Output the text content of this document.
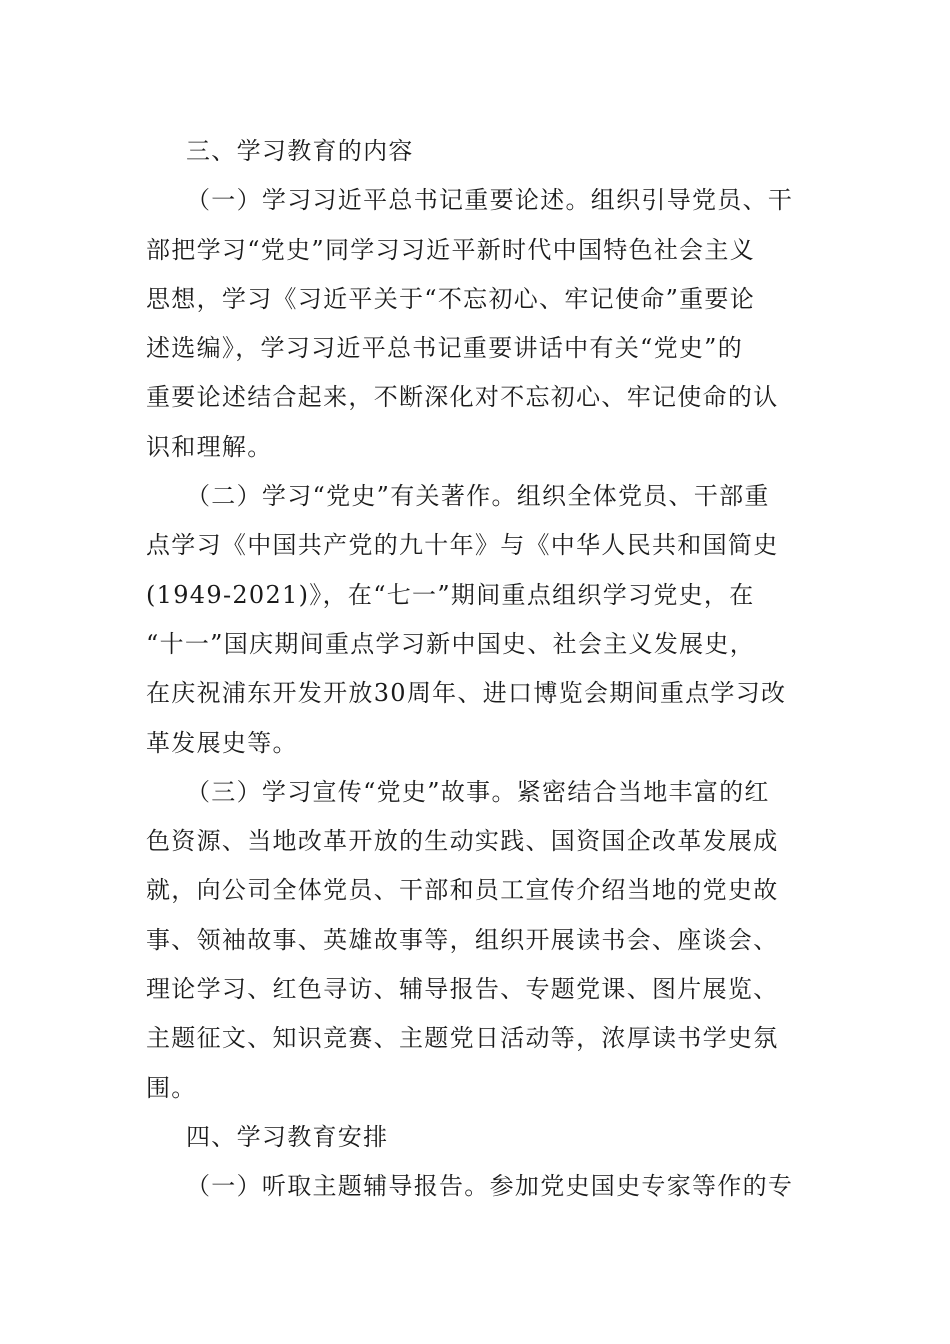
三、学习教育的内容
（一）学习习近平总书记重要论述。组织引导党员、干
部把学习“党史”同学习习近平新时代中国特色社会主义
思想，学习《习近平关于“不忘初心、牢记使命”重要论
述选编》，学习习近平总书记重要讲话中有关“党史”的
重要论述结合起来，不断深化对不忘初心、牢记使命的认
识和理解。
（二）学习“党史”有关著作。组织全体党员、干部重
点学习《中国共产党的九十年》与《中华人民共和国简史
(1949-2021)》，在“七一”期间重点组织学习党史，在
“十一”国庆期间重点学习新中国史、社会主义发展史，
在庆祝浦东开发开放30周年、进口博览会期间重点学习改
革发展史等。
（三）学习宣传“党史”故事。紧密结合当地丰富的红
色资源、当地改革开放的生动实践、国资国企改革发展成
就，向公司全体党员、干部和员工宣传介绍当地的党史故
事、领袖故事、英雄故事等，组织开展读书会、座谈会、
理论学习、红色寻访、辅导报告、专题党课、图片展览、
主题征文、知识竞赛、主题党日活动等，浓厚读书学史氛
围。
四、学习教育安排
（一）听取主题辅导报告。参加党史国史专家等作的专
